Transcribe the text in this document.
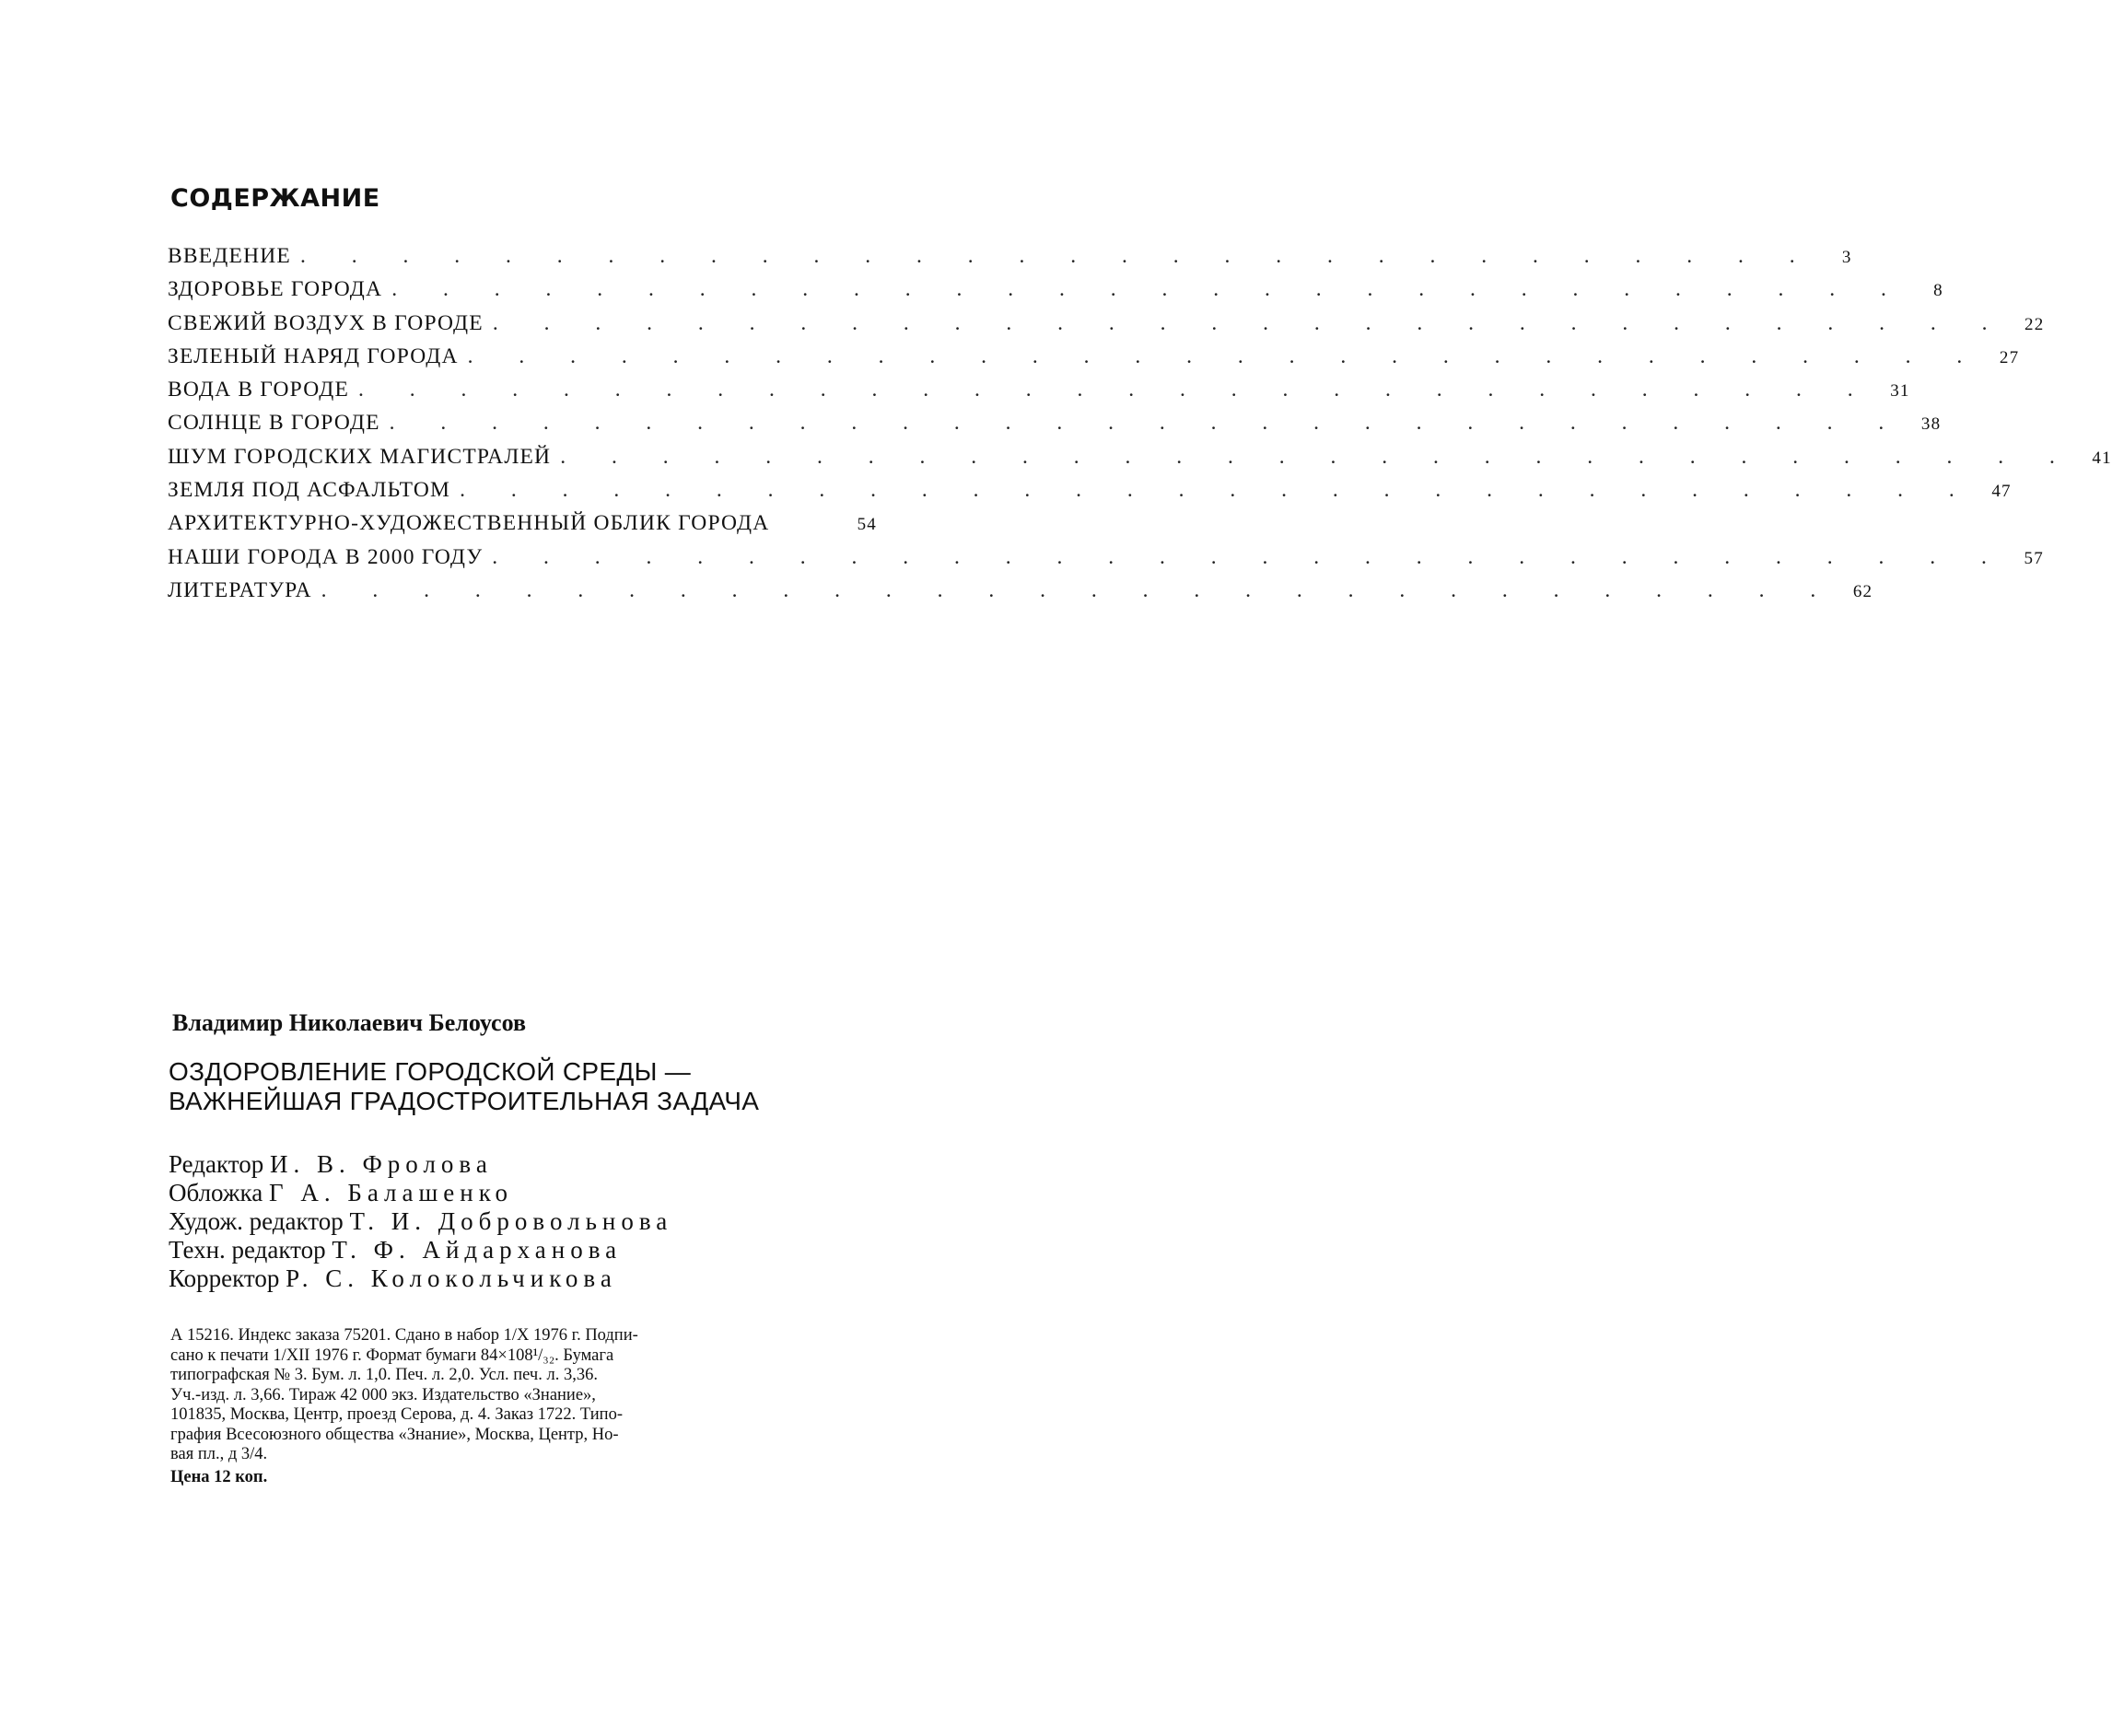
СОДЕРЖАНИЕ
ВВЕДЕНИЕ . . . . . . . . . . . . . . . . . . . . . . . . . . . . . .	3
ЗДОРОВЬЕ ГОРОДА . . . . . . . . . . . . . . . . . . . . . . . . . . . . . .	8
СВЕЖИЙ ВОЗДУХ В ГОРОДЕ . . . . . . . . . . . . . . . . . . . . . . . . . . . . . . 22
ЗЕЛЕНЫЙ НАРЯД ГОРОДА . . . . . . . . . . . . . . . . . . . . . . . . . . . . . . 27
ВОДА В ГОРОДЕ . . . . . . . . . . . . . . . . . . . . . . . . . . . . . . 31
СОЛНЦЕ В ГОРОДЕ . . . . . . . . . . . . . . . . . . . . . . . . . . . . . . 38
ШУМ ГОРОДСКИХ МАГИСТРАЛЕЙ . . . . . . . . . . . . . . . . . . . . . . . . . . . . . . 41
ЗЕМЛЯ ПОД АСФАЛЬТОМ . . . . . . . . . . . . . . . . . . . . . . . . . . . . . . 47
АРХИТЕКТУРНО-ХУДОЖЕСТВЕННЫЙ ОБЛИК ГОРОДА	54
НАШИ ГОРОДА В 2000 ГОДУ . . . . . . . . . . . . . . . . . . . . . . . . . . . . . . 57
ЛИТЕРАТУРА . . . . . . . . . . . . . . . . . . . . . . . . . . . . . . 62
Владимир Николаевич Белоусов
ОЗДОРОВЛЕНИЕ ГОРОДСКОЙ СРЕДЫ —
ВАЖНЕЙШАЯ ГРАДОСТРОИТЕЛЬНАЯ ЗАДАЧА
Редактор И. В. Фролова
Обложка Г А. Балашенко
Худож. редактор Т. И. Добровольнова
Техн. редактор Т. Ф. Айдарханова
Корректор Р. С. Колокольчикова
А 15216. Индекс заказа 75201. Сдано в набор 1/X 1976 г. Подпи-
сано к печати 1/XII 1976 г. Формат бумаги 84×108¹/₃₂. Бумага
типографская № 3. Бум. л. 1,0. Печ. л. 2,0. Усл. печ. л. 3,36.
Уч.-изд. л. 3,66. Тираж 42 000 экз. Издательство «Знание»,
101835, Москва, Центр, проезд Серова, д. 4. Заказ 1722. Типо-
графия Всесоюзного общества «Знание», Москва, Центр, Но-
вая пл., д 3/4.
Цена 12 коп.
